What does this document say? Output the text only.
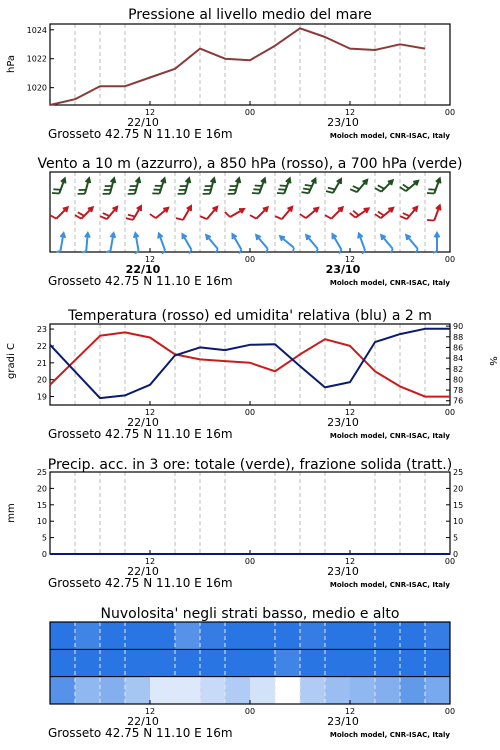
Pressione al livello medio del mare
Vento a 10 m (azzurro), a 850 hPa (rosso), a 700 hPa (verde)
Temperatura (rosso) ed umidita' relativa (blu) a 2 m
Precip. acc. in 3 ore: totale (verde), frazione solida (tratt.)
Nuvolosita' negli strati basso, medio e alto
hPa
gradi C	%
mm
12	00	12	00
22/10	23/10
Grosseto 42.75 N 11.10 E 16m	Moloch model, CNR-ISAC, Italy
1020
1022
1024
12	00	12	00
22/10	23/10
Grosseto 42.75 N 11.10 E 16m	Moloch model, CNR-ISAC, Italy
12	00	12	00
22/10	23/10
Grosseto 42.75 N 11.10 E 16m	Moloch model, CNR-ISAC, Italy
19
20
21
22
23
76
78
80
82
84
86
88
90
12	00	12	00
22/10	23/10
Grosseto 42.75 N 11.10 E 16m	Moloch model, CNR-ISAC, Italy
0
5
10
15
20
25
0
5
10
15
20
25
12	00	12	00
22/10	23/10
Grosseto 42.75 N 11.10 E 16m	Moloch model, CNR-ISAC, Italy
